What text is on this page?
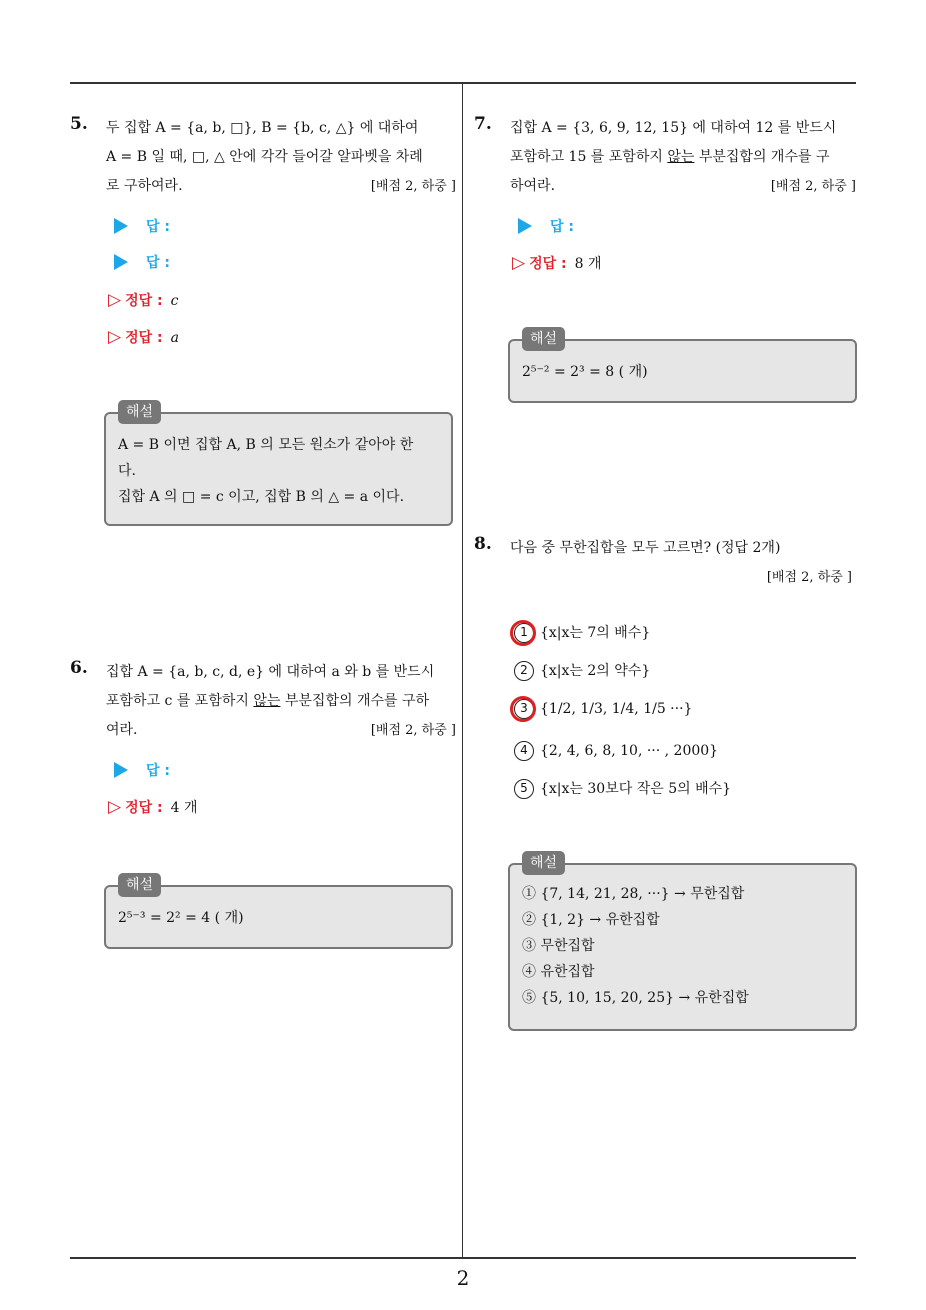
5. 두 집합 A = {a, b, □}, B = {b, c, △} 에 대하여
A = B 일 때, □, △ 안에 각각 들어갈 알파벳을 차례
로 구하여라.	[배점 2, 하중 ]
답 :
답 :
▷ 정답 : c
▷ 정답 : a
해설
A = B 이면 집합 A, B 의 모든 원소가 같아야 한
다.
집합 A 의 □ = c 이고, 집합 B 의 △ = a 이다.
6. 집합 A = {a, b, c, d, e} 에 대하여 a 와 b 를 반드시
포함하고 c 를 포함하지 않는 부분집합의 개수를 구하
여라.	[배점 2, 하중 ]
답 :
▷ 정답 : 4 개
해설
2⁵⁻³ = 2² = 4 ( 개)
7. 집합 A = {3, 6, 9, 12, 15} 에 대하여 12 를 반드시
포함하고 15 를 포함하지 않는 부분집합의 개수를 구
하여라.	[배점 2, 하중 ]
답 :
▷ 정답 : 8 개
해설
2⁵⁻² = 2³ = 8 ( 개)
8. 다음 중 무한집합을 모두 고르면? (정답 2개)
[배점 2, 하중 ]
1 {x|x는 7의 배수}
2 {x|x는 2의 약수}
3 {1/2, 1/3, 1/4, 1/5 ···}
4 {2, 4, 6, 8, 10, ··· , 2000}
5 {x|x는 30보다 작은 5의 배수}
해설
① {7, 14, 21, 28, ···} → 무한집합
② {1, 2} → 유한집합
③ 무한집합
④ 유한집합
⑤ {5, 10, 15, 20, 25} → 유한집합
2
